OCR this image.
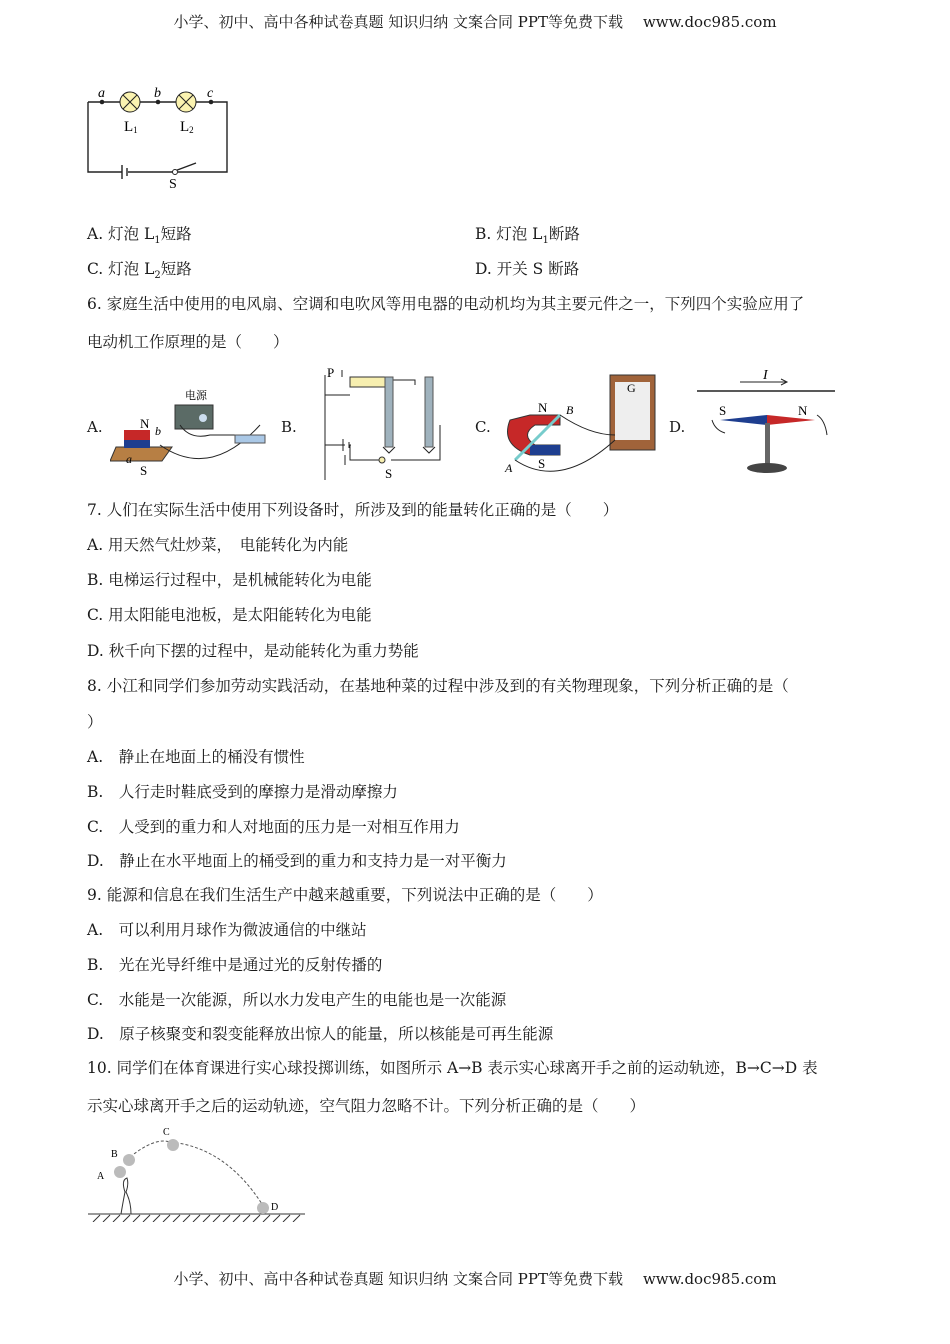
小学、初中、高中各种试卷真题 知识归纳 文案合同 PPT等免费下载 www.doc985.com
a	b	c
L1	L2
S
A. 灯泡 $L_1$短路	B. 灯泡 $L_1$断路
C. 灯泡 $L_2$短路	D. 开关 S 断路
6. 家庭生活中使用的电风扇、空调和电吹风等用电器的电动机均为其主要元件之一，下列四个实验应用了
电动机工作原理的是（　　）
A.	B.	C.	D.
电源
N b
a
S
P
S
N B
G
A S
I
S	N
7. 人们在实际生活中使用下列设备时，所涉及到的能量转化正确的是（　　）
A. 用天然气灶炒菜，　电能转化为内能
B. 电梯运行过程中，是机械能转化为电能
C. 用太阳能电池板，是太阳能转化为电能
D. 秋千向下摆的过程中，是动能转化为重力势能
8. 小江和同学们参加劳动实践活动，在基地种菜的过程中涉及到的有关物理现象，下列分析正确的是（
）
A.　静止在地面上的桶没有惯性
B.　人行走时鞋底受到的摩擦力是滑动摩擦力
C.　人受到的重力和人对地面的压力是一对相互作用力
D.　静止在水平地面上的桶受到的重力和支持力是一对平衡力
9. 能源和信息在我们生活生产中越来越重要，下列说法中正确的是（　　）
A.　可以利用月球作为微波通信的中继站
B.　光在光导纤维中是通过光的反射传播的
C.　水能是一次能源，所以水力发电产生的电能也是一次能源
D.　原子核聚变和裂变能释放出惊人的能量，所以核能是可再生能源
10. 同学们在体育课进行实心球投掷训练，如图所示 A→B 表示实心球离开手之前的运动轨迹，B→C→D 表
示实心球离开手之后的运动轨迹，空气阻力忽略不计。下列分析正确的是（　　）
A
B
C
D
小学、初中、高中各种试卷真题 知识归纳 文案合同 PPT等免费下载 www.doc985.com
